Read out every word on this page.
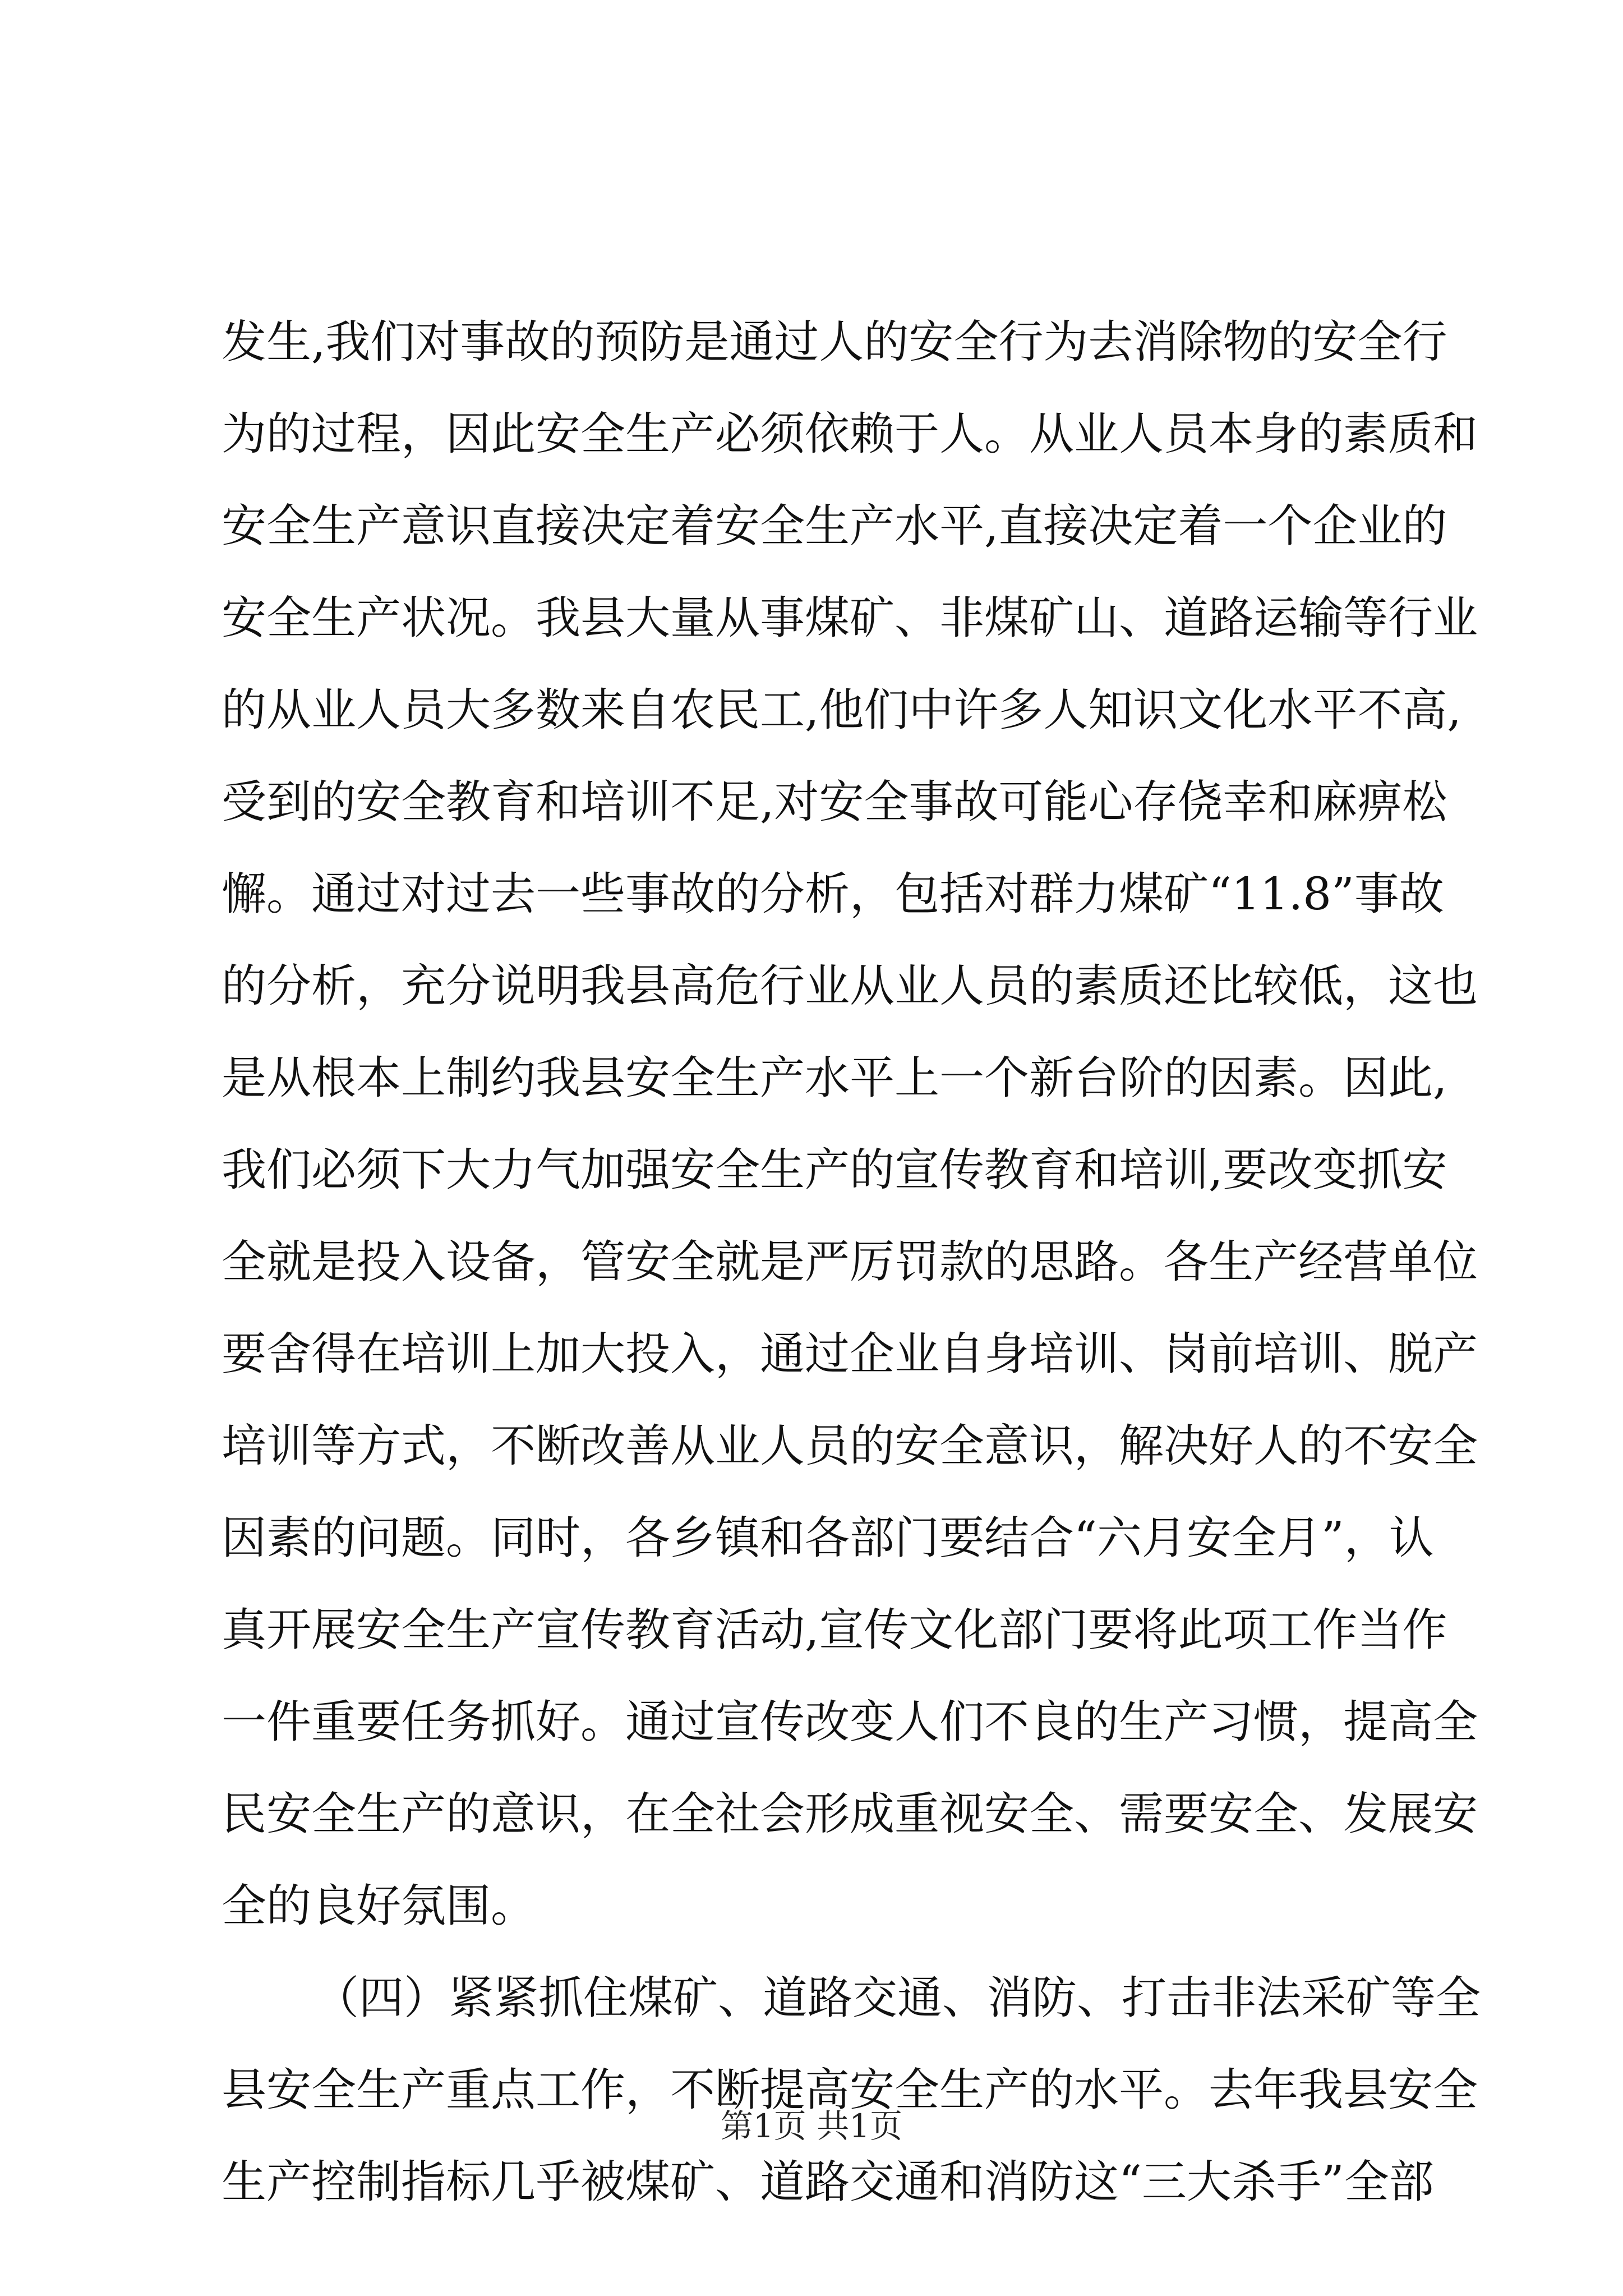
发生,我们对事故的预防是通过人的安全行为去消除物的安全行
为的过程，因此安全生产必须依赖于人。从业人员本身的素质和
安全生产意识直接决定着安全生产水平,直接决定着一个企业的
安全生产状况。我县大量从事煤矿、非煤矿山、道路运输等行业
的从业人员大多数来自农民工,他们中许多人知识文化水平不高,
受到的安全教育和培训不足,对安全事故可能心存侥幸和麻痹松
懈。通过对过去一些事故的分析，包括对群力煤矿“11.8”事故
的分析，充分说明我县高危行业从业人员的素质还比较低，这也
是从根本上制约我县安全生产水平上一个新台阶的因素。因此,
我们必须下大力气加强安全生产的宣传教育和培训,要改变抓安
全就是投入设备，管安全就是严厉罚款的思路。各生产经营单位
要舍得在培训上加大投入，通过企业自身培训、岗前培训、脱产
培训等方式，不断改善从业人员的安全意识，解决好人的不安全
因素的问题。同时，各乡镇和各部门要结合“六月安全月”，认
真开展安全生产宣传教育活动,宣传文化部门要将此项工作当作
一件重要任务抓好。通过宣传改变人们不良的生产习惯，提高全
民安全生产的意识，在全社会形成重视安全、需要安全、发展安
全的良好氛围。
（四）紧紧抓住煤矿、道路交通、消防、打击非法采矿等全
县安全生产重点工作，不断提高安全生产的水平。去年我县安全
生产控制指标几乎被煤矿、道路交通和消防这“三大杀手”全部
第1页 共1页
